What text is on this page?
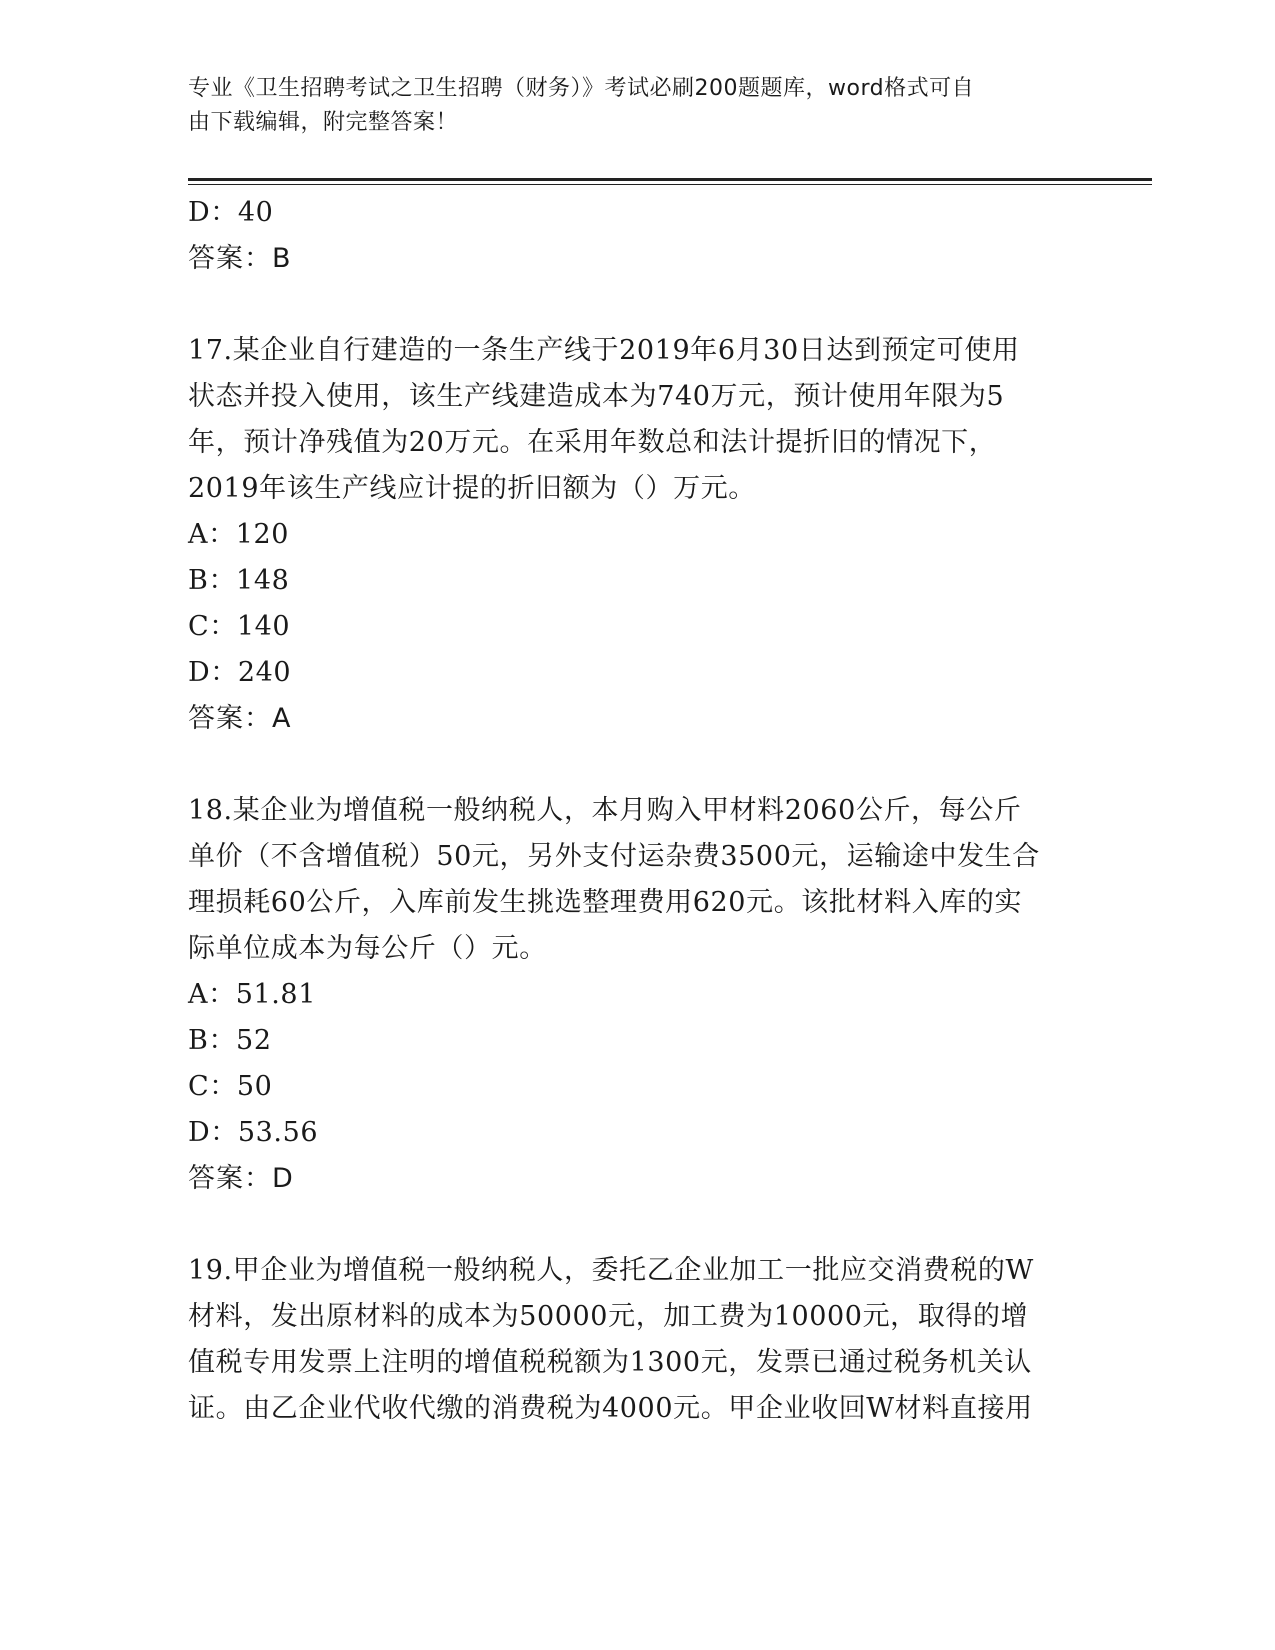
专业《卫生招聘考试之卫生招聘（财务）》考试必刷200题题库，word格式可自
由下载编辑，附完整答案！
D：40
答案：B
17.某企业自行建造的一条生产线于2019年6月30日达到预定可使用
状态并投入使用，该生产线建造成本为740万元，预计使用年限为5
年，预计净残值为20万元。在采用年数总和法计提折旧的情况下，
2019年该生产线应计提的折旧额为（）万元。
A：120
B：148
C：140
D：240
答案：A
18.某企业为增值税一般纳税人，本月购入甲材料2060公斤，每公斤
单价（不含增值税）50元，另外支付运杂费3500元，运输途中发生合
理损耗60公斤，入库前发生挑选整理费用620元。该批材料入库的实
际单位成本为每公斤（）元。
A：51.81
B：52
C：50
D：53.56
答案：D
19.甲企业为增值税一般纳税人，委托乙企业加工一批应交消费税的W
材料，发出原材料的成本为50000元，加工费为10000元，取得的增
值税专用发票上注明的增值税税额为1300元，发票已通过税务机关认
证。由乙企业代收代缴的消费税为4000元。甲企业收回W材料直接用
